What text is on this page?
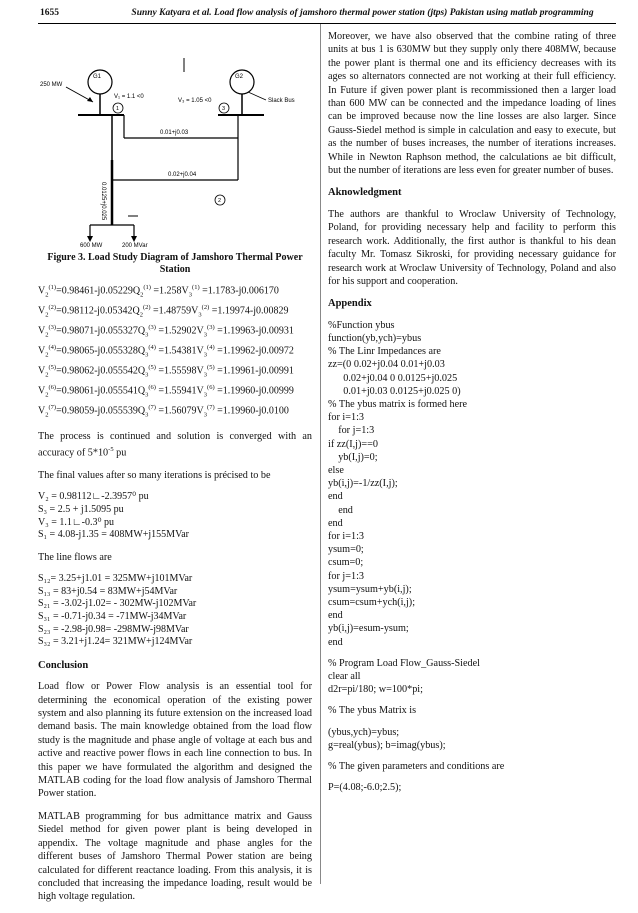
1655	Sunny Katyara et al. Load flow analysis of jamshoro thermal power station (jtps) Pakistan using matlab programming
G1	G2
250 MW
V₁ = 1.1 <0
V₃ = 1.05 <0	Slack Bus
1	3
2
0.01+j0.03
0.02+j0.04
0.0125+j0.025
600 MW	200 MVar
Figure 3. Load Study Diagram of Jamshoro Thermal Power Station
$V_2^{(1)}=0.98461-j0.05229Q_2^{(1)} =1.258V_3^{(1)} =1.1783-j0.006170$
$V_2^{(2)}=0.98112-j0.05342Q_2^{(2)} =1.48759V_3^{(2)} =1.19974-j0.00829$
$V_2^{(3)}=0.98071-j0.055327Q_3^{(3)} =1.52902V_3^{(3)} =1.19963-j0.00931$
$V_2^{(4)}=0.98065-j0.055328Q_3^{(4)} =1.54381V_3^{(4)} =1.19962-j0.00972$
$V_2^{(5)}=0.98062-j0.055542Q_3^{(5)} =1.55598V_3^{(5)} =1.19961-j0.00991$
$V_2^{(6)}=0.98061-j0.055541Q_3^{(6)} =1.55941V_3^{(6)} =1.19960-j0.00999$
$V_2^{(7)}=0.98059-j0.055539Q_3^{(7)} =1.56079V_3^{(7)} =1.19960-j0.0100$

The process is continued and solution is converged with an accuracy of $5*10^{-5}$ pu

The final values after so many iterations is précised to be

V₂ = 0.98112∟-2.3957⁰ pu
S₃ = 2.5 + j1.5095 pu
V₃ = 1.1∟-0.3⁰ pu
S₁ = 4.08-j1.35 = 408MW+j155MVar

The line flows are

S₁₂= 3.25+j1.01 = 325MW+j101MVar
S₁₃ = 83+j0.54 = 83MW+j54MVar
S₂₁ = -3.02-j1.02= - 302MW-j102MVar
S₃₁ = -0.71-j0.34 = -71MW-j34MVar
S₂₃ = -2.98-j0.98= -298MW-j98MVar
S₃₂ = 3.21+j1.24= 321MW+j124MVar
Conclusion

Load flow or Power Flow analysis is an essential tool for determining the economical operation of the existing power system and also planning its future extension on the increased load demand basis. The main knowledge obtained from the load flow study is the magnitude and phase angle of voltage at each bus and active and reactive power flows in each line connection to bus. In this paper we have formulated the algorithm and designed the MATLAB coding for the load flow analysis of Jamshoro Thermal Power station.

MATLAB programming for bus admittance matrix and Gauss Siedel method for given power plant is being developed in appendix. The voltage magnitude and phase angles for the different buses of Jamshoro Thermal Power station are being calculated for different reactance loading. From this analysis, it is concluded that increasing the impedance loading, result would be high voltage regulation.

Moreover, we have also observed that the combine rating of three units at bus 1 is 630MW but they supply only there 408MW, because the power plant is thermal one and its efficiency decreases with its ages so alternators connected are not working at their full efficiency. In Future if given power plant is recommissioned then a larger load than 600 MW can be connected and the impedance loading of lines can be improved because now the line losses are also larger. Since Gauss-Siedel method is simple in calculation and easy to execute, but as the number of buses increases, the number of iterations increases. While in Newton Raphson method, the calculations ae bit difficult, but the number of iterations are less even for greater number of buses.

Aknowledgment

The authors are thankful to Wroclaw University of Technology, Poland, for providing necessary help and facility to perform this research work. Additionally, the first author is thankful to his dean faculty Mr. Tomasz Sikroski, for providing necessary guidance for research work at Wroclaw University of Technology, Poland and also for his support and cooperation.

Appendix
%Function ybus
function(yb,ych)=ybus
% The Linr Impedances are
zz=(0 0.02+j0.04 0.01+j0.03
0.02+j0.04 0 0.0125+j0.025
0.01+j0.03 0.0125+j0.025 0)
% The ybus matrix is formed here
for i=1:3
for j=1:3
if zz(I,j)==0
yb(I,j)=0;
else
yb(i,j)=-1/zz(I,j);
end
end
end
for i=1:3
ysum=0;
csum=0;
for j=1:3
ysum=ysum+yb(i,j);
csum=csum+ych(i,j);
end
yb(i,j)=esum-ysum;
end
% Program Load Flow_Gauss-Siedel
clear all
d2r=pi/180; w=100*pi;
% The ybus Matrix is
(ybus,ych)=ybus;
g=real(ybus); b=imag(ybus);
% The given parameters and conditions are
P=(4.08;-6.0;2.5);
